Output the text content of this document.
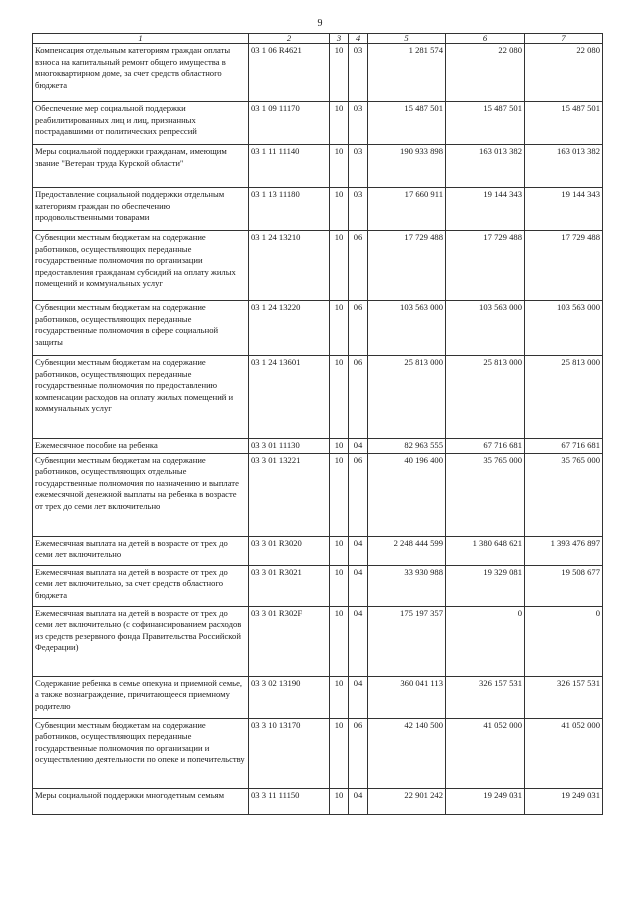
9
1	2	3	4	5	6	7
Компенсация отдельным категориям граждан оплаты взноса на капитальный ремонт общего имущества в многоквартирном доме, за счет средств областного бюджета	03 1 06 R4621	10	03	1 281 574	22 080	22 080
Обеспечение мер социальной поддержки реабилитированных лиц и лиц, признанных пострадавшими от политических репрессий	03 1 09 11170	10	03	15 487 501	15 487 501	15 487 501
Меры социальной поддержки гражданам, имеющим звание "Ветеран труда Курской области"	03 1 11 11140	10	03	190 933 898	163 013 382	163 013 382
Предоставление социальной поддержки отдельным категориям граждан по обеспечению продовольственными товарами	03 1 13 11180	10	03	17 660 911	19 144 343	19 144 343
Субвенции местным бюджетам на содержание работников, осуществляющих переданные государственные полномочия по организации предоставления гражданам субсидий на оплату жилых помещений и коммунальных услуг	03 1 24 13210	10	06	17 729 488	17 729 488	17 729 488
Субвенции местным бюджетам на содержание работников, осуществляющих переданные государственные полномочия в сфере социальной защиты	03 1 24 13220	10	06	103 563 000	103 563 000	103 563 000
Субвенции местным бюджетам на содержание работников, осуществляющих переданные государственные полномочия по предоставлению компенсации расходов на оплату жилых помещений и коммунальных услуг	03 1 24 13601	10	06	25 813 000	25 813 000	25 813 000
Ежемесячное пособие на ребенка	03 3 01 11130	10	04	82 963 555	67 716 681	67 716 681
Субвенции местным бюджетам на содержание работников, осуществляющих отдельные государственные полномочия по назначению и выплате ежемесячной денежной выплаты на ребенка в возрасте от трех до семи лет включительно	03 3 01 13221	10	06	40 196 400	35 765 000	35 765 000
Ежемесячная выплата на детей в возрасте от трех до семи лет включительно	03 3 01 R3020	10	04	2 248 444 599	1 380 648 621	1 393 476 897
Ежемесячная выплата на детей в возрасте от трех до семи лет включительно, за счет средств областного бюджета	03 3 01 R3021	10	04	33 930 988	19 329 081	19 508 677
Ежемесячная выплата на детей в возрасте от трех до семи лет включительно (с софинансированием расходов из средств резервного фонда Правительства Российской Федерации)	03 3 01 R302F	10	04	175 197 357	0	0
Содержание ребенка в семье опекуна и приемной семье, а также вознаграждение, причитающееся приемному родителю	03 3 02 13190	10	04	360 041 113	326 157 531	326 157 531
Субвенции местным бюджетам на содержание работников, осуществляющих переданные государственные полномочия по организации и осуществлению деятельности по опеке и попечительству	03 3 10 13170	10	06	42 140 500	41 052 000	41 052 000
Меры социальной поддержки многодетным семьям	03 3 11 11150	10	04	22 901 242	19 249 031	19 249 031
